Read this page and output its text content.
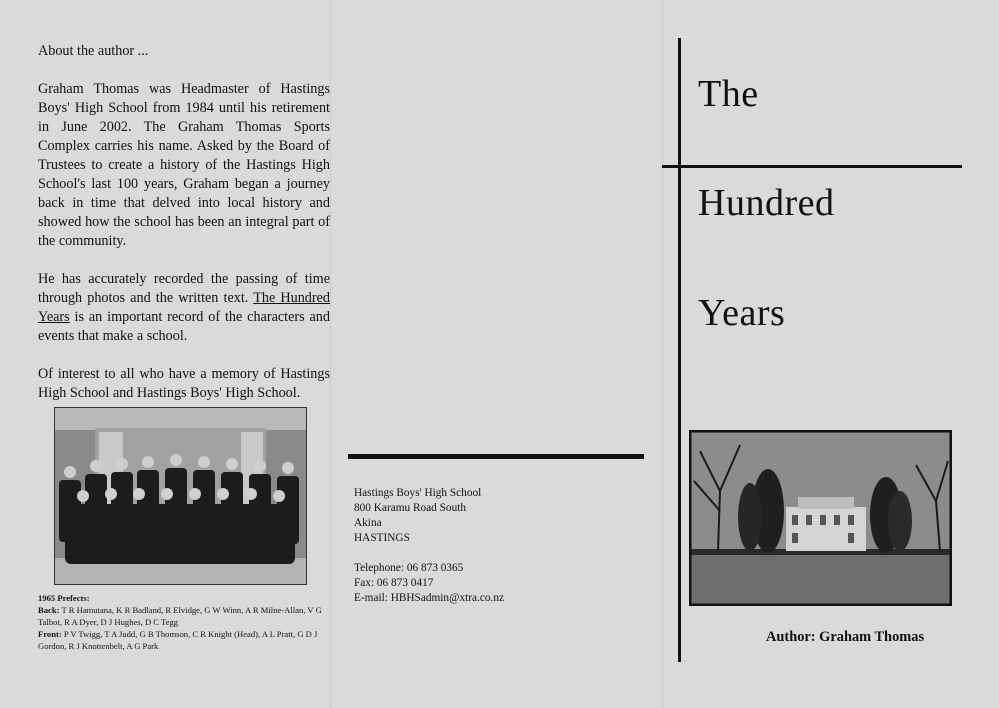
About the author ...

Graham Thomas was Headmaster of Hastings Boys' High School from 1984 until his retirement in June 2002. The Graham Thomas Sports Complex carries his name. Asked by the Board of Trustees to create a history of the Hastings High School's last 100 years, Graham began a journey back in time that delved into local history and showed how the school has been an integral part of the community.

He has accurately recorded the passing of time through photos and the written text. The Hundred Years is an important record of the characters and events that make a school.

Of interest to all who have a memory of Hastings High School and Hastings Boys' High School.

1965 Prefects:
Back: T R Hamutana, K R Badland, R Elvidge, G W Winn, A R Milne-Allan, V G Talbot, R A Dyer, D J Hughes, D C Tegg
Front: P V Twigg, T A Judd, G B Thomson, C R Knight (Head), A L Pratt, G D J Gordon, R J Knottenbelt, A G Park
Hastings Boys' High School
800 Karamu Road South
Akina
HASTINGS
Telephone: 06 873 0365
Fax: 06 873 0417
E-mail: HBHSadmin@xtra.co.nz
The
Hundred
Years
Author: Graham Thomas
